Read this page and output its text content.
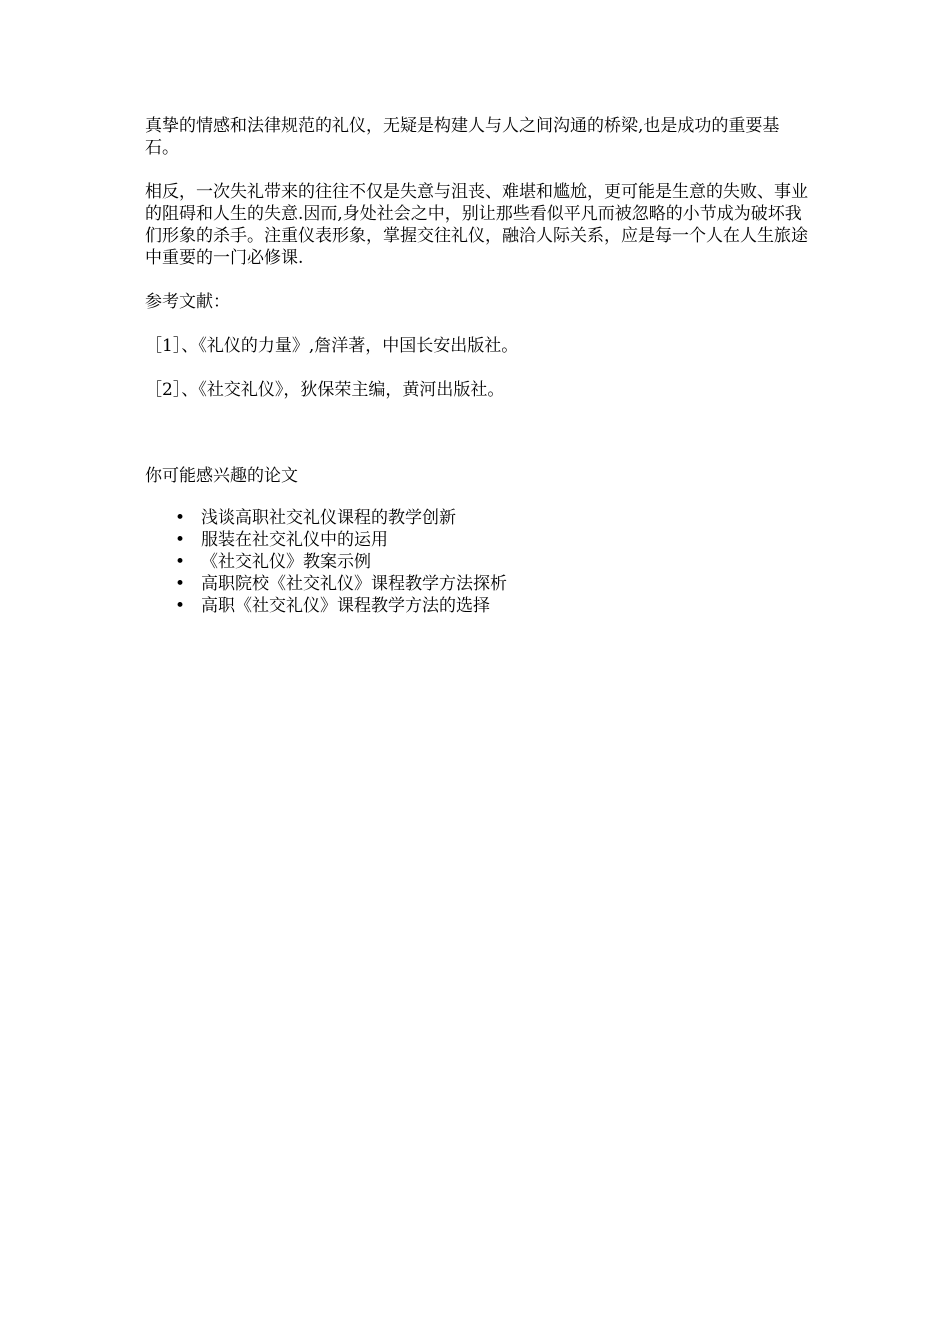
真挚的情感和法律规范的礼仪，无疑是构建人与人之间沟通的桥梁,也是成功的重要基石。

相反，一次失礼带来的往往不仅是失意与沮丧、难堪和尴尬，更可能是生意的失败、事业的阻碍和人生的失意.因而,身处社会之中，别让那些看似平凡而被忽略的小节成为破坏我们形象的杀手。注重仪表形象，掌握交往礼仪，融洽人际关系，应是每一个人在人生旅途中重要的一门必修课.

参考文献：

［1］、《礼仪的力量》,詹洋著，中国长安出版社。

［2］、《社交礼仪》，狄保荣主编，黄河出版社。

你可能感兴趣的论文

• 浅谈高职社交礼仪课程的教学创新
• 服装在社交礼仪中的运用
• 《社交礼仪》教案示例
• 高职院校《社交礼仪》课程教学方法探析
• 高职《社交礼仪》课程教学方法的选择
